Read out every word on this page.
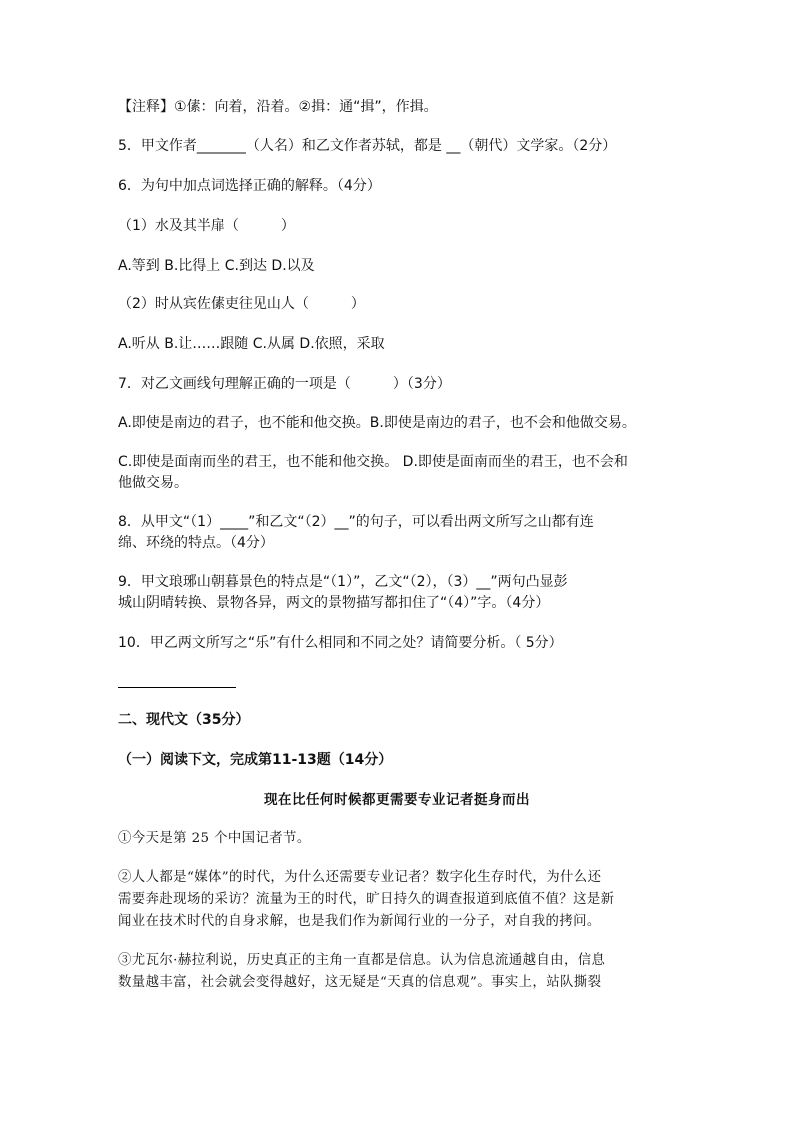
【注释】①傃：向着，沿着。②揖：通“揖”，作揖。
5．甲文作者_______（人名）和乙文作者苏轼，都是 __（朝代）文学家。（2分）
6．为句中加点词选择正确的解释。（4分）
（1）水及其半扉（　　　）
A.等到 B.比得上 C.到达 D.以及
（2）时从宾佐傃吏往见山人（　　　）
A.听从 B.让……跟随 C.从属 D.依照，采取
7．对乙文画线句理解正确的一项是（　　　）（3分）
A.即使是南边的君子，也不能和他交换。B.即使是南边的君子，也不会和他做交易。
C.即使是面南而坐的君王，也不能和他交换。 D.即使是面南而坐的君王，也不会和
他做交易。
8．从甲文“（1）____”和乙文“（2）__”的句子，可以看出两文所写之山都有连
绵、环绕的特点。（4分）
9．甲文琅琊山朝暮景色的特点是“（1）”，乙文“（2），（3）__”两句凸显彭
城山阴晴转换、景物各异，两文的景物描写都扣住了“（4）”字。（4分）
10．甲乙两文所写之“乐”有什么相同和不同之处？请简要分析。（ 5分）
二、现代文（35分）
（一）阅读下文，完成第11-13题（14分）
现在比任何时候都更需要专业记者挺身而出
①今天是第 25 个中国记者节。
②人人都是“媒体”的时代，为什么还需要专业记者？数字化生存时代，为什么还
需要奔赴现场的采访？流量为王的时代，旷日持久的调查报道到底值不值？这是新
闻业在技术时代的自身求解，也是我们作为新闻行业的一分子，对自我的拷问。
③尤瓦尔·赫拉利说，历史真正的主角一直都是信息。认为信息流通越自由，信息
数量越丰富，社会就会变得越好，这无疑是“天真的信息观”。事实上，站队撕裂
